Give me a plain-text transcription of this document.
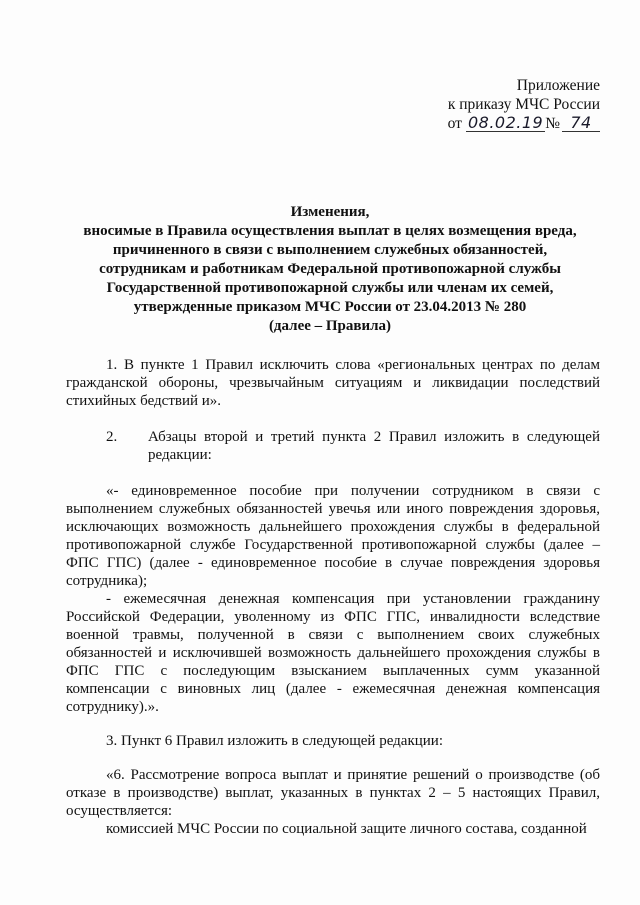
Приложение
к приказу МЧС России
от 08.02.19 № 74
Изменения,
вносимые в Правила осуществления выплат в целях возмещения вреда,
причиненного в связи с выполнением служебных обязанностей,
сотрудникам и работникам Федеральной противопожарной службы
Государственной противопожарной службы или членам их семей,
утвержденные приказом МЧС России от 23.04.2013 № 280
(далее – Правила)

1. В пункте 1 Правил исключить слова «региональных центрах по делам гражданской обороны, чрезвычайным ситуациям и ликвидации последствий стихийных бедствий и».

2.	Абзацы второй и третий пункта 2 Правил изложить в следующей редакции:

«- единовременное пособие при получении сотрудником в связи с выполнением служебных обязанностей увечья или иного повреждения здоровья, исключающих возможность дальнейшего прохождения службы в федеральной противопожарной службе Государственной противопожарной службы (далее – ФПС ГПС) (далее - единовременное пособие в случае повреждения здоровья сотрудника);

- ежемесячная денежная компенсация при установлении гражданину Российской Федерации, уволенному из ФПС ГПС, инвалидности вследствие военной травмы, полученной в связи с выполнением своих служебных обязанностей и исключившей возможность дальнейшего прохождения службы в ФПС ГПС с последующим взысканием выплаченных сумм указанной компенсации с виновных лиц (далее - ежемесячная денежная компенсация сотруднику).».

3. Пункт 6 Правил изложить в следующей редакции:

«6. Рассмотрение вопроса выплат и принятие решений о производстве (об отказе в производстве) выплат, указанных в пунктах 2 – 5 настоящих Правил, осуществляется:

комиссией МЧС России по социальной защите личного состава, созданной
